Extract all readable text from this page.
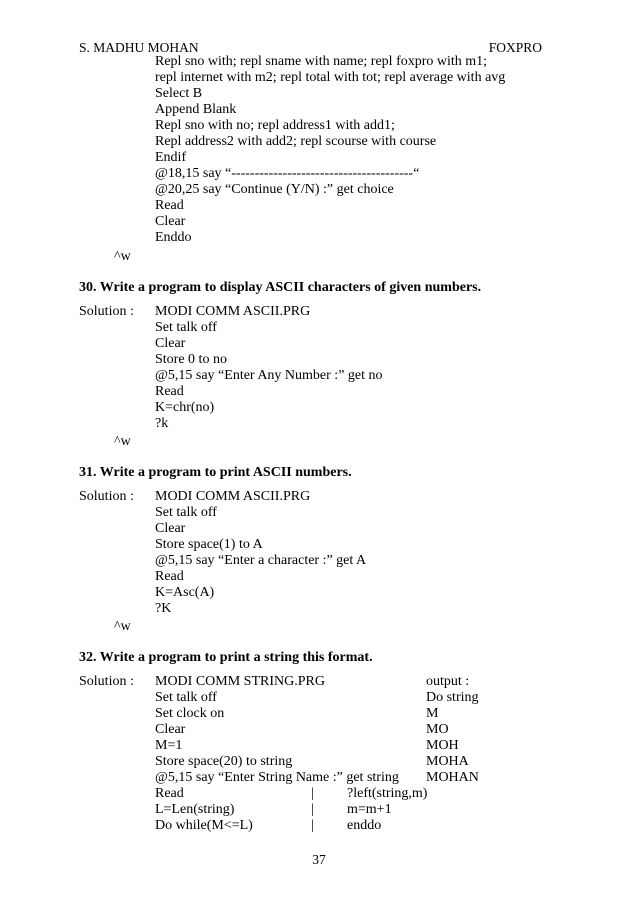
S. MADHU MOHAN	FOXPRO
Repl sno with; repl sname with name; repl foxpro with m1;
repl internet with m2; repl total with tot; repl average with avg
Select B
Append Blank
Repl sno with no; repl address1 with add1;
Repl address2 with add2; repl scourse with course
Endif
@18,15 say “---------------------------------------“
@20,25 say “Continue (Y/N) :” get choice
Read
Clear
Enddo
^w
30. Write a program to display ASCII characters of given numbers.
Solution : MODI COMM ASCII.PRG
Set talk off
Clear
Store 0 to no
@5,15 say “Enter Any Number :” get no
Read
K=chr(no)
?k
^w
31. Write a program to print ASCII numbers.
Solution : MODI COMM ASCII.PRG
Set talk off
Clear
Store space(1) to A
@5,15 say “Enter a character :” get A
Read
K=Asc(A)
?K
^w
32. Write a program to print a string this format.
Solution : MODI COMM STRING.PRG
Set talk off
Set clock on
Clear
M=1
Store space(20) to string
@5,15 say “Enter String Name :” get string
Read
L=Len(string)
Do while(M<=L)
output :
Do string
M
MO
MOH
MOHA
MOHAN
|
|
|
?left(string,m)
m=m+1
enddo
37
